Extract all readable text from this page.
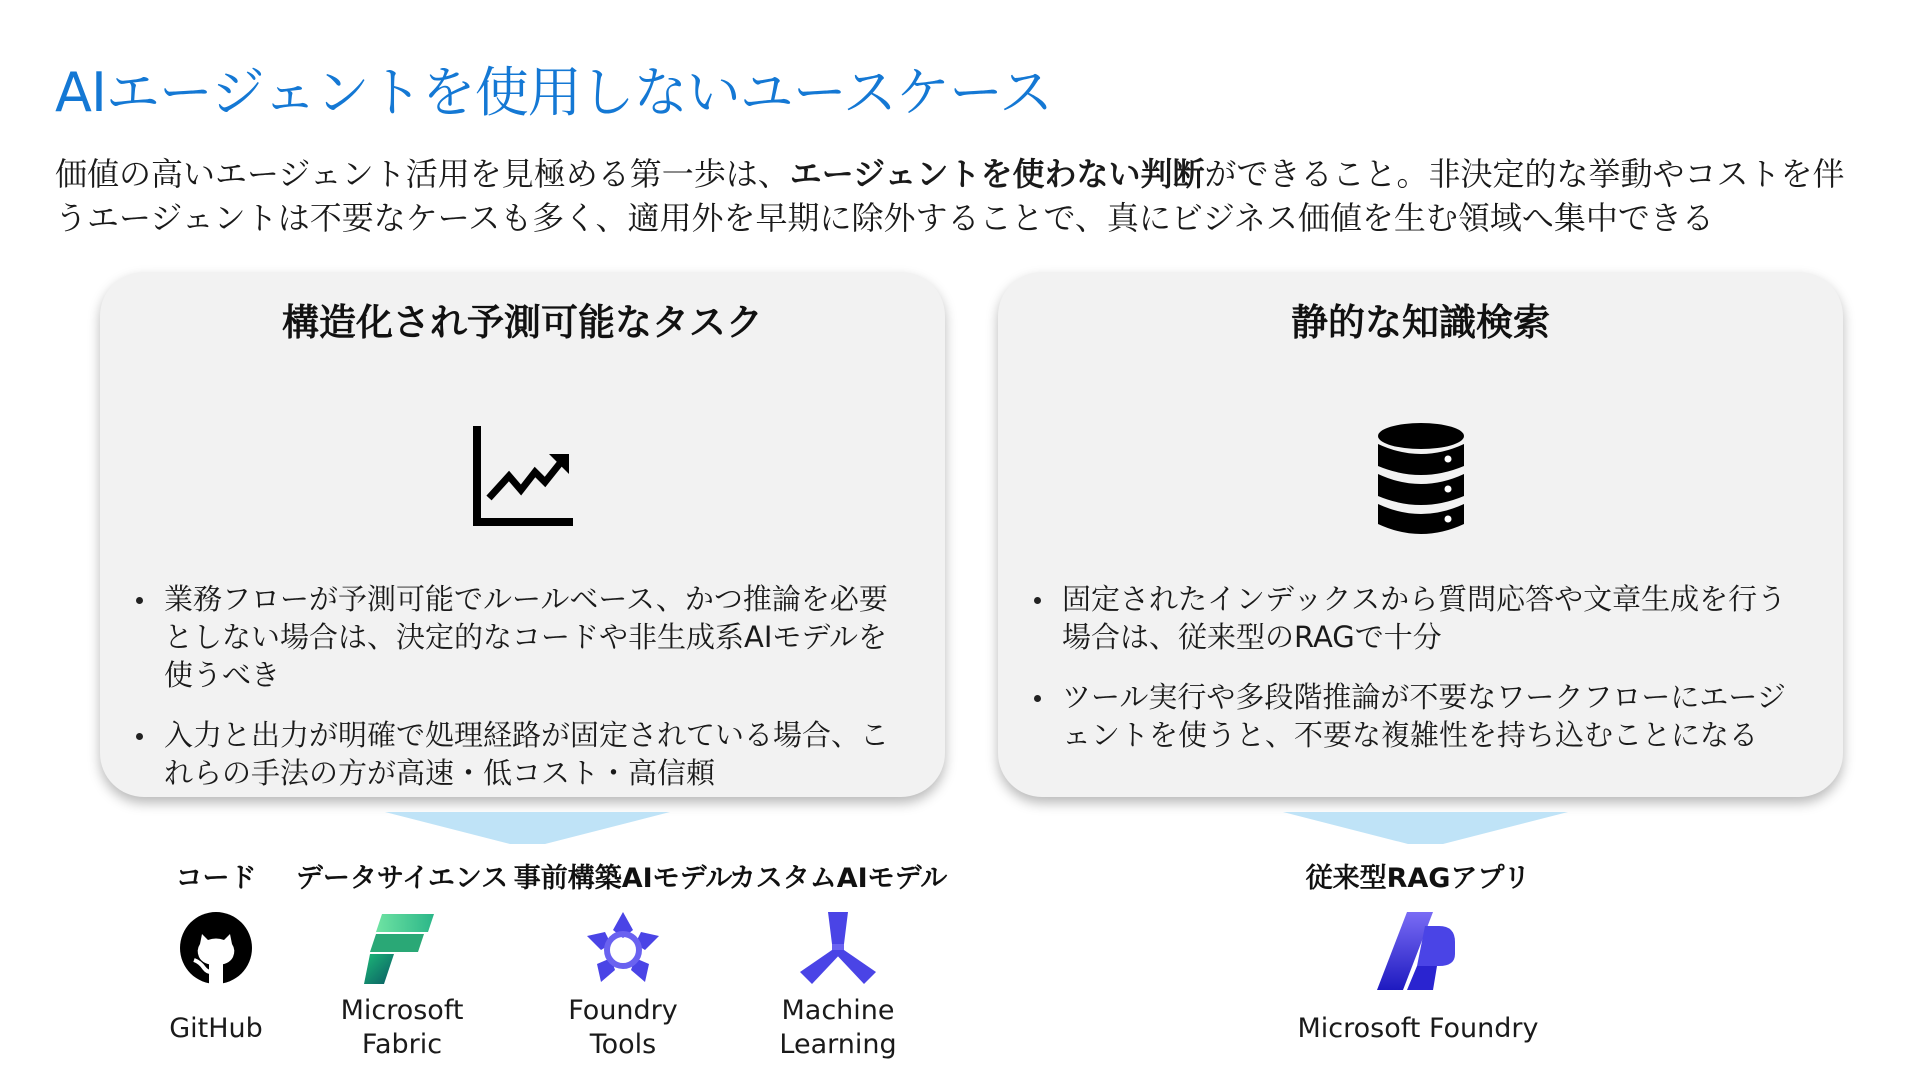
AIエージェントを使用しないユースケース

価値の高いエージェント活用を見極める第一歩は、エージェントを使わない判断ができること。非決定的な挙動やコストを伴うエージェントは不要なケースも多く、適用外を早期に除外することで、真にビジネス価値を生む領域へ集中できる

構造化され予測可能なタスク
業務フローが予測可能でルールベース、かつ推論を必要としない場合は、決定的なコードや非生成系AIモデルを使うべき
入力と出力が明確で処理経路が固定されている場合、これらの手法の方が高速・低コスト・高信頼
静的な知識検索
固定されたインデックスから質問応答や文章生成を行う場合は、従来型のRAGで十分
ツール実行や多段階推論が不要なワークフローにエージェントを使うと、不要な複雑性を持ち込むことになる
コード データサイエンス 事前構築AIモデル
カスタムAIモデル	従来型RAGアプリ
GitHub
Microsoft Fabric
Foundry Tools
Machine Learning
Microsoft Foundry
